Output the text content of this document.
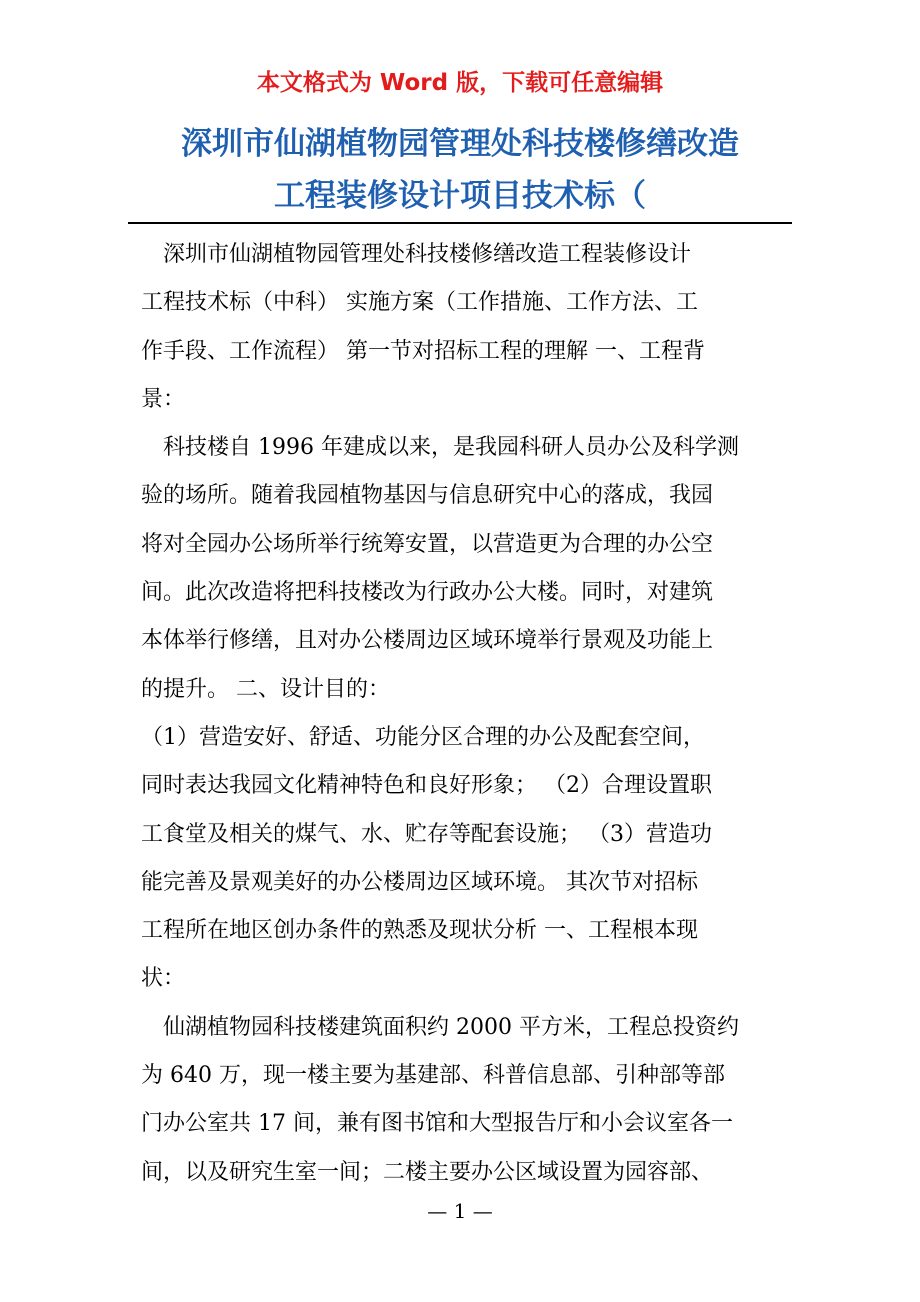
本文格式为 Word 版，下载可任意编辑
深圳市仙湖植物园管理处科技楼修缮改造
工程装修设计项目技术标（

　深圳市仙湖植物园管理处科技楼修缮改造工程装修设计
工程技术标（中科） 实施方案（工作措施、工作方法、工
作手段、工作流程） 第一节对招标工程的理解 一、工程背
景：

　科技楼自 1996 年建成以来，是我园科研人员办公及科学测
验的场所。随着我园植物基因与信息研究中心的落成，我园
将对全园办公场所举行统筹安置，以营造更为合理的办公空
间。此次改造将把科技楼改为行政办公大楼。同时，对建筑
本体举行修缮，且对办公楼周边区域环境举行景观及功能上
的提升。 二、设计目的：

（1）营造安好、舒适、功能分区合理的办公及配套空间，
同时表达我园文化精神特色和良好形象； （2）合理设置职
工食堂及相关的煤气、水、贮存等配套设施； （3）营造功
能完善及景观美好的办公楼周边区域环境。 其次节对招标
工程所在地区创办条件的熟悉及现状分析 一、工程根本现
状：

　仙湖植物园科技楼建筑面积约 2000 平方米，工程总投资约
为 640 万，现一楼主要为基建部、科普信息部、引种部等部
门办公室共 17 间，兼有图书馆和大型报告厅和小会议室各一
间，以及研究生室一间；二楼主要办公区域设置为园容部、

— 1 —
